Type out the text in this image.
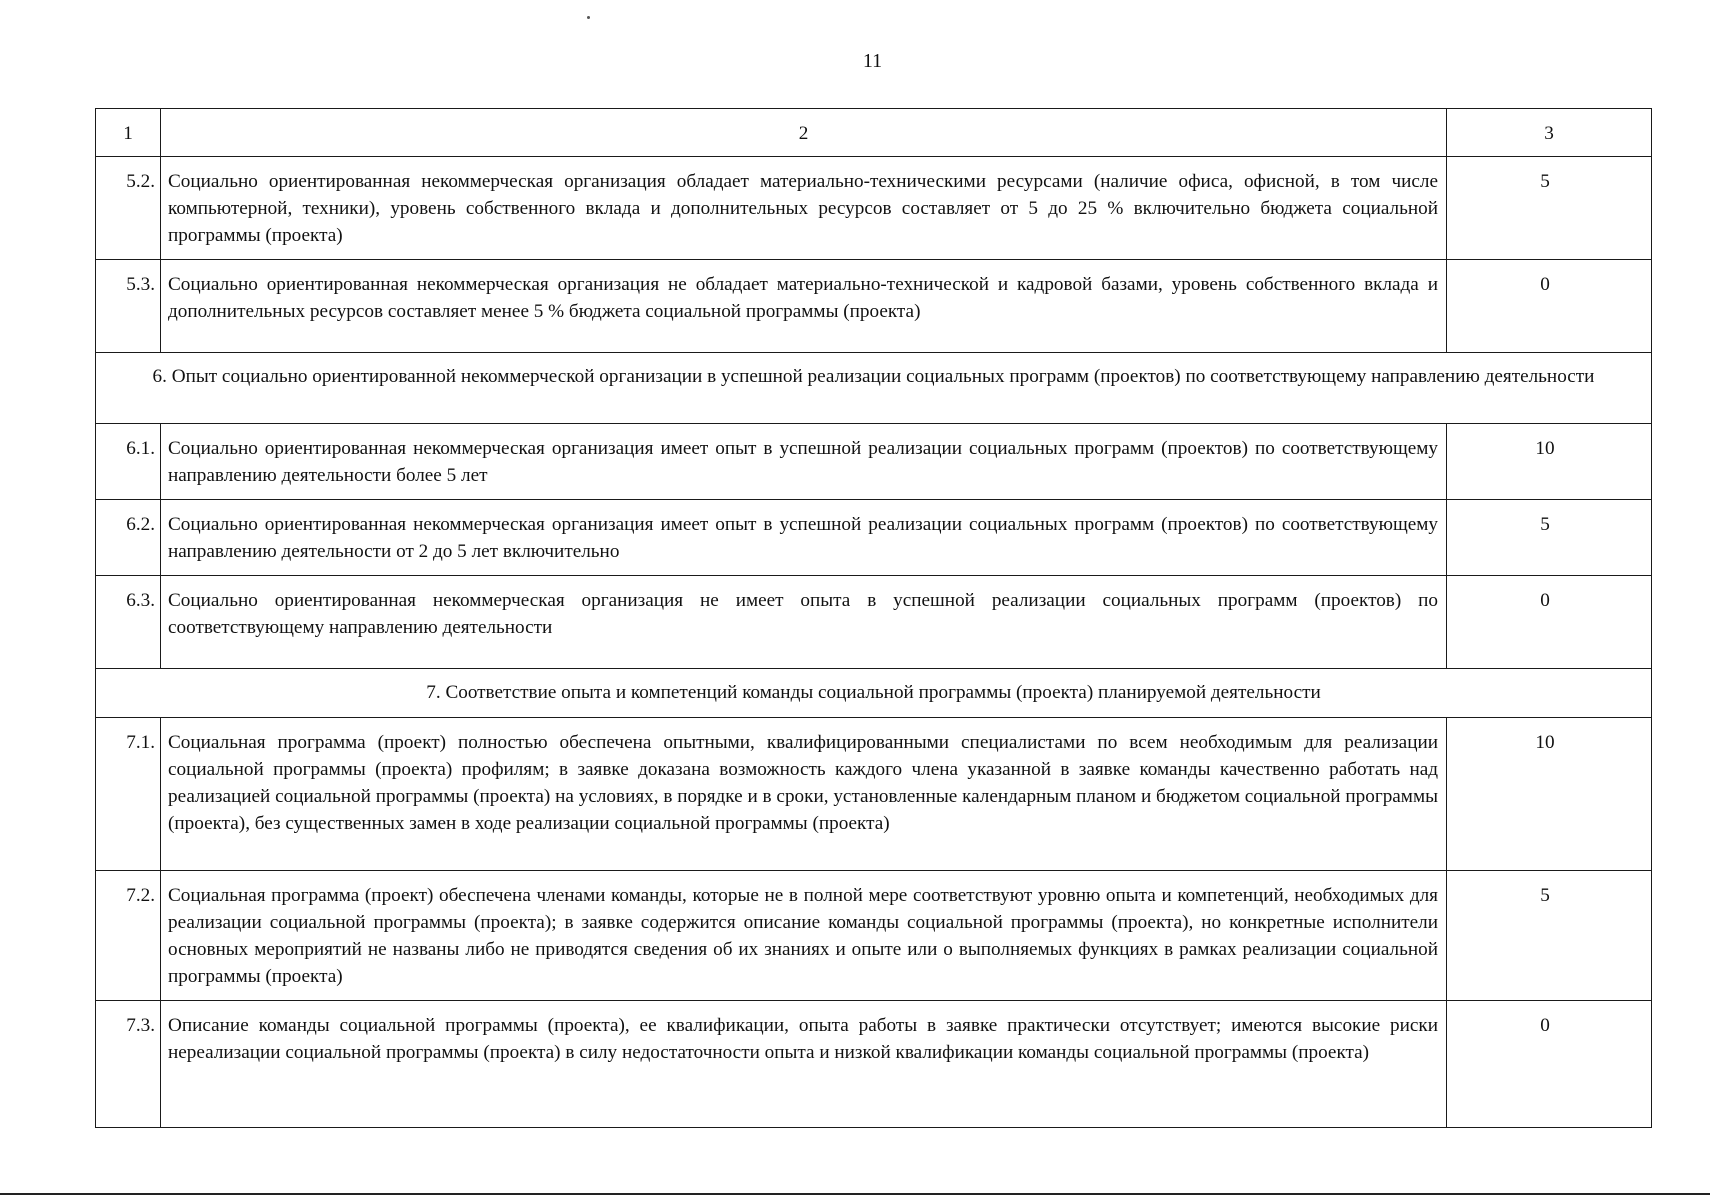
11
1	2	3
5.2.	Социально ориентированная некоммерческая организация обладает материально-техническими ресурсами (наличие офиса, офисной, в том числе компьютерной, техники), уровень собственного вклада и дополнительных ресурсов составляет от 5 до 25 % включительно бюджета социальной программы (проекта)	5
5.3.	Социально ориентированная некоммерческая организация не обладает материально-технической и кадровой базами, уровень собственного вклада и дополнительных ресурсов составляет менее 5 % бюджета социальной программы (проекта)	0
6. Опыт социально ориентированной некоммерческой организации в успешной реализации социальных программ (проектов) по соответствующему направлению деятельности		
6.1.	Социально ориентированная некоммерческая организация имеет опыт в успешной реализации социальных программ (проектов) по соответствующему направлению деятельности более 5 лет	10
6.2.	Социально ориентированная некоммерческая организация имеет опыт в успешной реализации социальных программ (проектов) по соответствующему направлению деятельности от 2 до 5 лет включительно	5
6.3.	Социально ориентированная некоммерческая организация не имеет опыта в успешной реализации социальных программ (проектов) по соответствующему направлению деятельности	0
7. Соответствие опыта и компетенций команды социальной программы (проекта) планируемой деятельности		
7.1.	Социальная программа (проект) полностью обеспечена опытными, квалифицированными специалистами по всем необходимым для реализации социальной программы (проекта) профилям; в заявке доказана возможность каждого члена указанной в заявке команды качественно работать над реализацией социальной программы (проекта) на условиях, в порядке и в сроки, установленные календарным планом и бюджетом социальной программы (проекта), без существенных замен в ходе реализации социальной программы (проекта)	10
7.2.	Социальная программа (проект) обеспечена членами команды, которые не в полной мере соответствуют уровню опыта и компетенций, необходимых для реализации социальной программы (проекта); в заявке содержится описание команды социальной программы (проекта), но конкретные исполнители основных мероприятий не названы либо не приводятся сведения об их знаниях и опыте или о выполняемых функциях в рамках реализации социальной программы (проекта)	5
7.3.	Описание команды социальной программы (проекта), ее квалификации, опыта работы в заявке практически отсутствует; имеются высокие риски нереализации социальной программы (проекта) в силу недостаточности опыта и низкой квалификации команды социальной программы (проекта)	0
